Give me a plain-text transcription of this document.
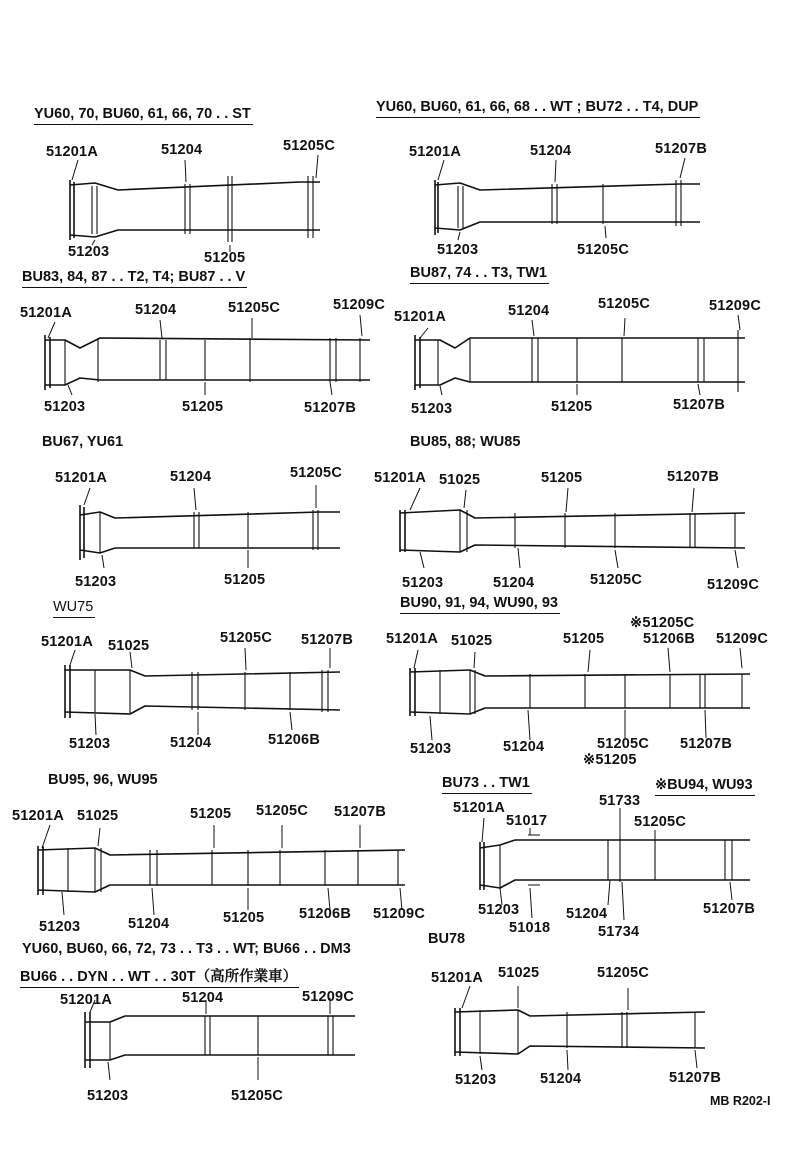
YU60, 70, BU60, 61, 66, 70 . . ST
51201A	51204	51205C
51203	51205
YU60, BU60, 61, 66, 68 . . WT ; BU72 . . T4, DUP
51201A	51204	51207B
51203	51205C
BU83, 84, 87 . . T2, T4; BU87 . . V
51201A	51204	51205C	51209C
51203	51205	51207B
BU87, 74 . . T3, TW1
51201A	51204	51205C	51209C
51203	51205	51207B
BU67, YU61
51201A	51204	51205C
51203	51205
BU85, 88; WU85
51201A 51025	51205	51207B
51203	51204	51205C	51209C
WU75
51201A 51025	51205C 51207B
51203	51204	51206B
BU90, 91, 94, WU90, 93
※51205C
51201A 51025	51205	51206B 51209C
51203	51204	51205C 51207B
※51205
BU95, 96, WU95
51201A 51025	51205 51205C 51207B
51203	51204	51205 51206B 51209C
BU73 . . TW1	※BU94, WU93
51201A
51017
51733
51205C
51203
51018
51204
51734
51207B
YU60, BU60, 66, 72, 73 . . T3 . . WT; BU66 . . DM3
BU66 . . DYN . . WT . . 30T（高所作業車）
51201A	51204	51209C
51203	51205C
BU78
51201A 51025	51205C
51203	51204	51207B
MB R202-I
